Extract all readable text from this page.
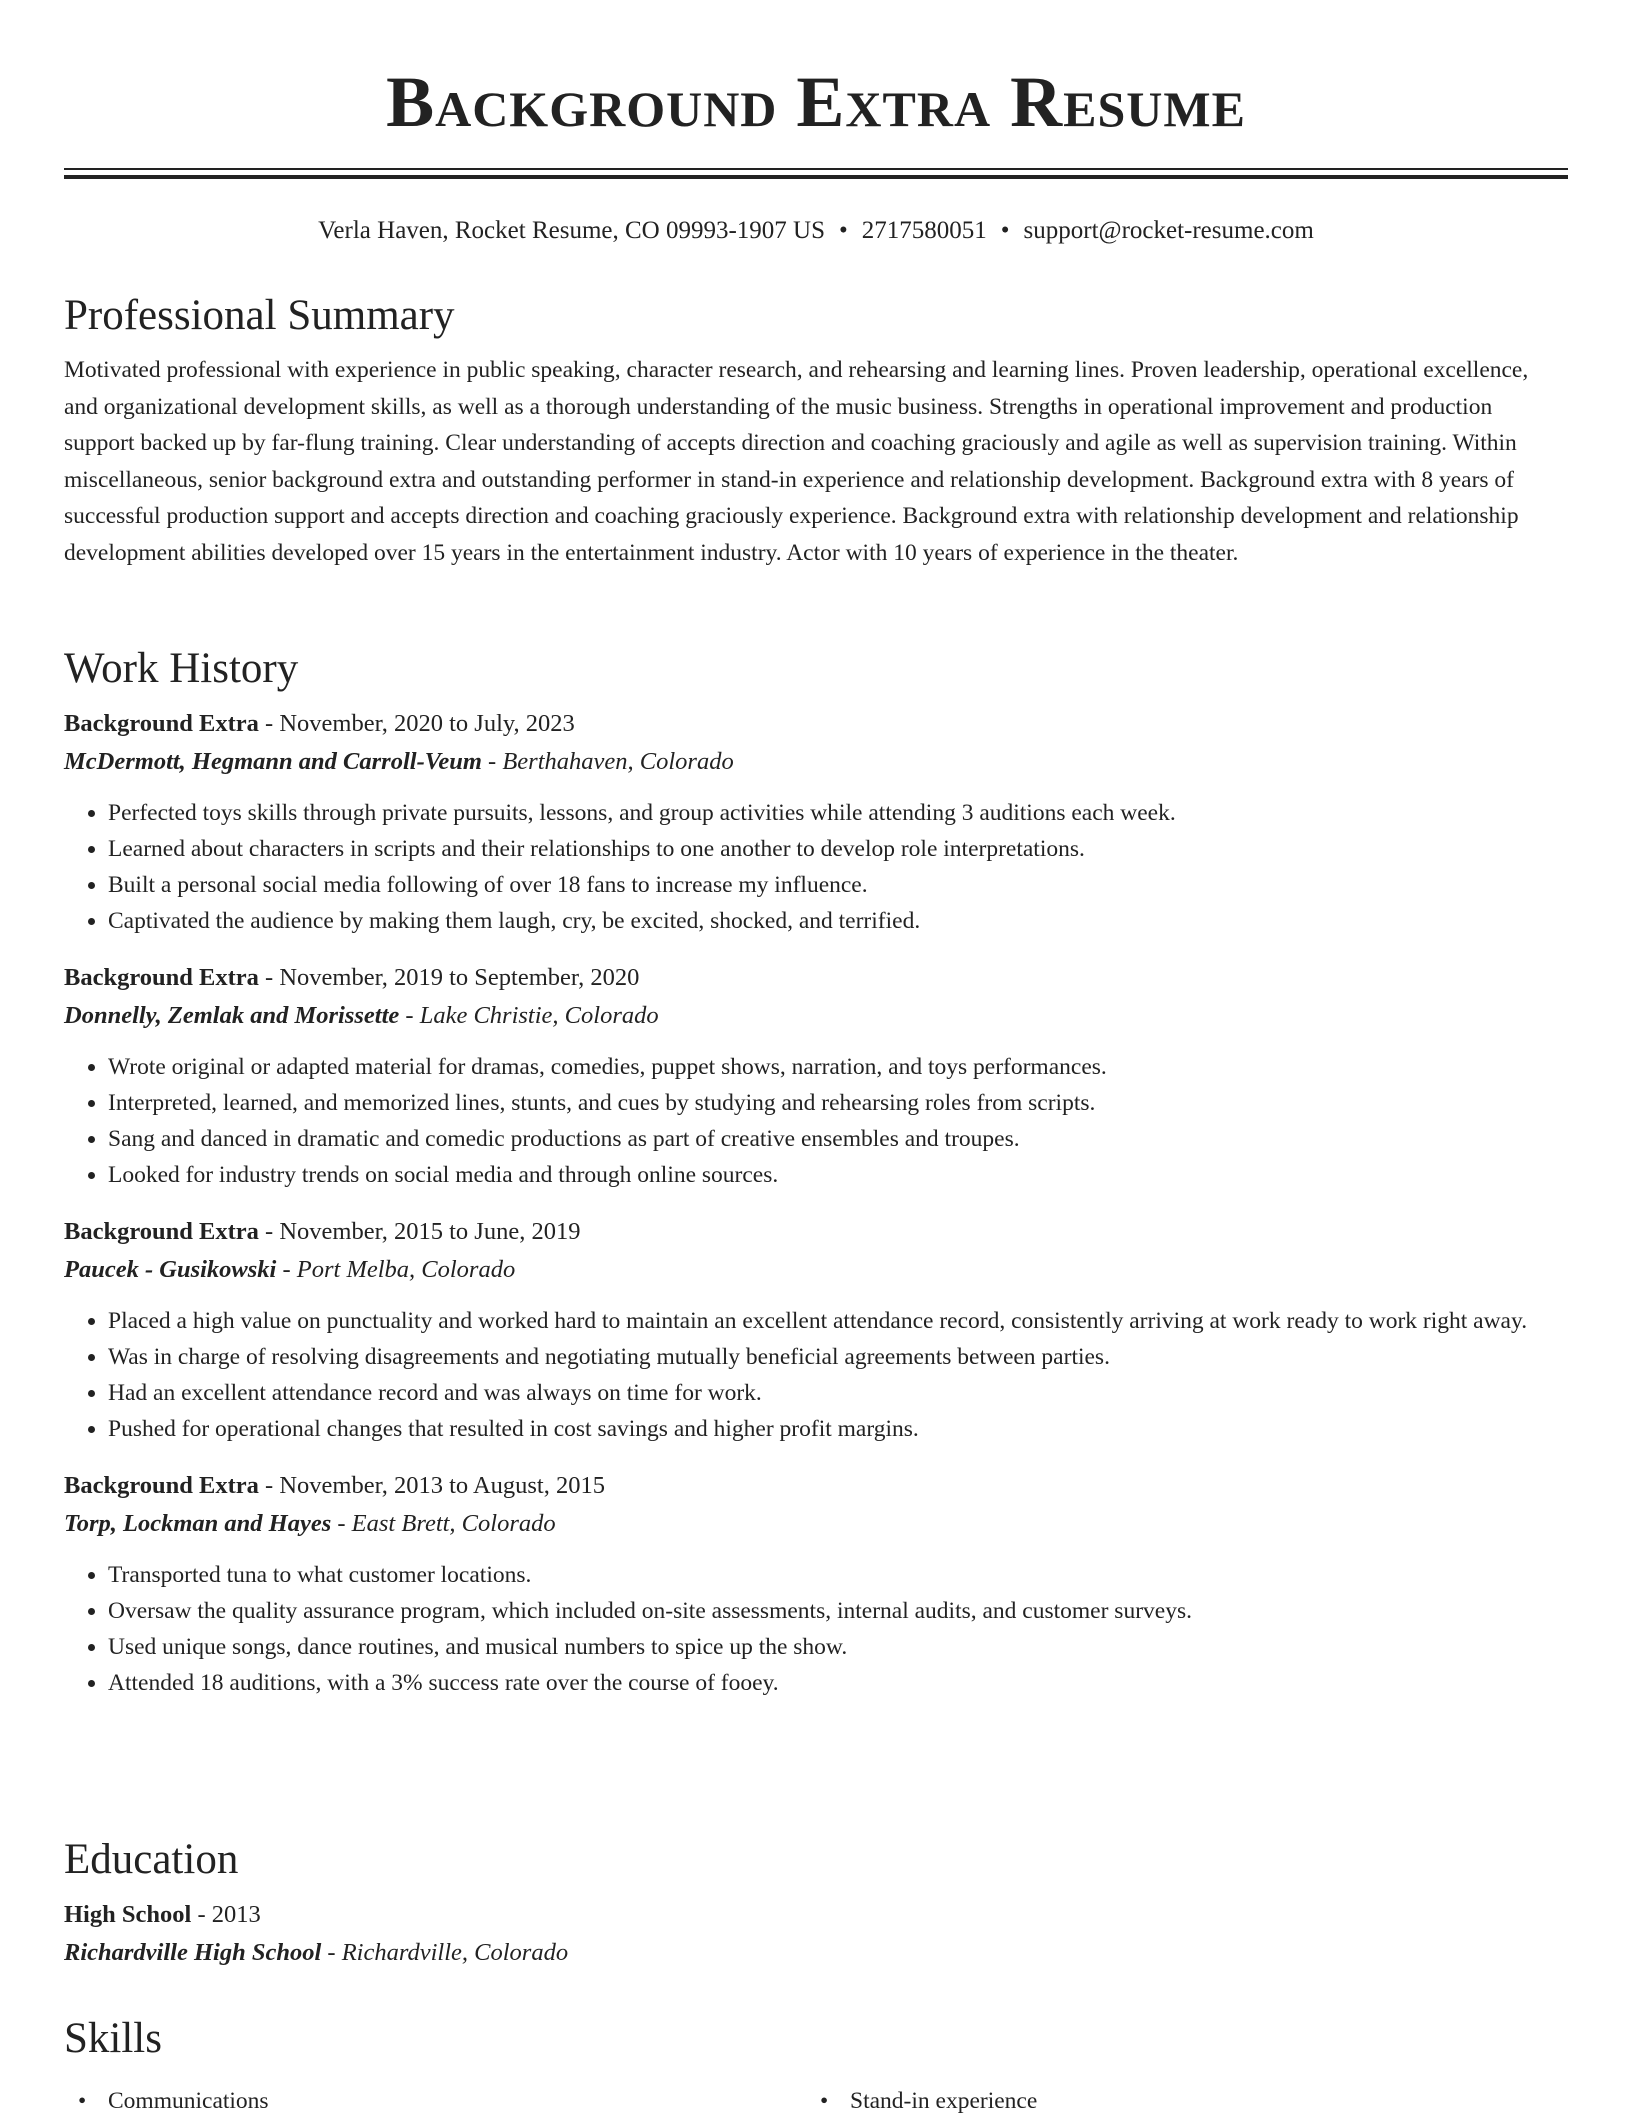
Background Extra Resume

Verla Haven, Rocket Resume, CO 09993-1907 US • 2717580051 • support@rocket-resume.com

Professional Summary

Motivated professional with experience in public speaking, character research, and rehearsing and learning lines. Proven leadership, operational excellence, and organizational development skills, as well as a thorough understanding of the music business. Strengths in operational improvement and production support backed up by far-flung training. Clear understanding of accepts direction and coaching graciously and agile as well as supervision training. Within miscellaneous, senior background extra and outstanding performer in stand-in experience and relationship development. Background extra with 8 years of successful production support and accepts direction and coaching graciously experience. Background extra with relationship development and relationship development abilities developed over 15 years in the entertainment industry. Actor with 10 years of experience in the theater.

Work History

Background Extra - November, 2020 to July, 2023

McDermott, Hegmann and Carroll-Veum - Berthahaven, Colorado

• Perfected toys skills through private pursuits, lessons, and group activities while attending 3 auditions each week.
• Learned about characters in scripts and their relationships to one another to develop role interpretations.
• Built a personal social media following of over 18 fans to increase my influence.
• Captivated the audience by making them laugh, cry, be excited, shocked, and terrified.

Background Extra - November, 2019 to September, 2020

Donnelly, Zemlak and Morissette - Lake Christie, Colorado

• Wrote original or adapted material for dramas, comedies, puppet shows, narration, and toys performances.
• Interpreted, learned, and memorized lines, stunts, and cues by studying and rehearsing roles from scripts.
• Sang and danced in dramatic and comedic productions as part of creative ensembles and troupes.
• Looked for industry trends on social media and through online sources.

Background Extra - November, 2015 to June, 2019

Paucek - Gusikowski - Port Melba, Colorado

• Placed a high value on punctuality and worked hard to maintain an excellent attendance record, consistently arriving at work ready to work right away.
• Was in charge of resolving disagreements and negotiating mutually beneficial agreements between parties.
• Had an excellent attendance record and was always on time for work.
• Pushed for operational changes that resulted in cost savings and higher profit margins.

Background Extra - November, 2013 to August, 2015

Torp, Lockman and Hayes - East Brett, Colorado

• Transported tuna to what customer locations.
• Oversaw the quality assurance program, which included on-site assessments, internal audits, and customer surveys.
• Used unique songs, dance routines, and musical numbers to spice up the show.
• Attended 18 auditions, with a 3% success rate over the course of fooey.
Education

High School - 2013

Richardville High School - Richardville, Colorado

Skills
• Communications
•	Stand-in experience
